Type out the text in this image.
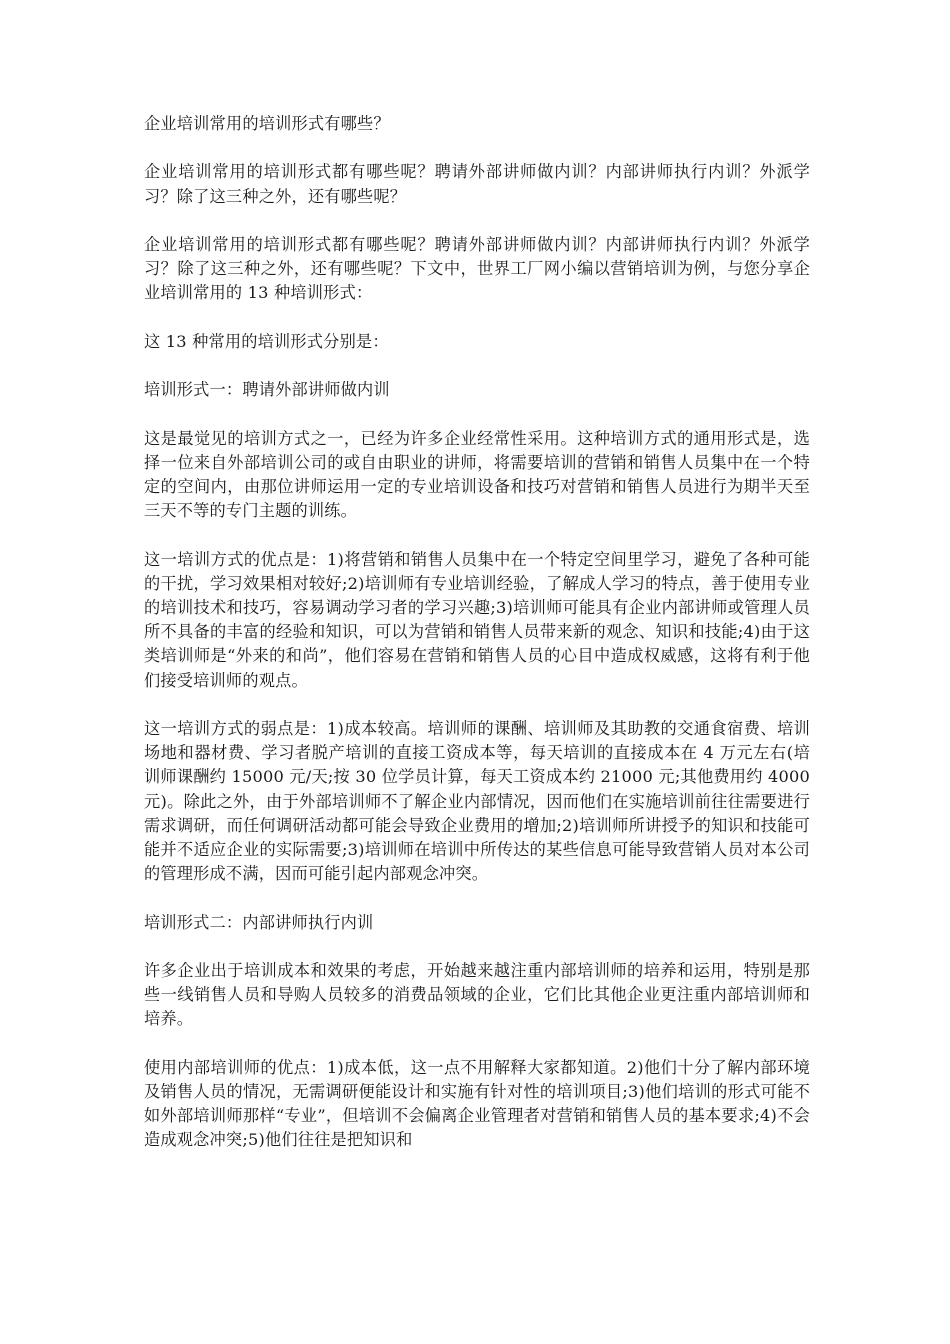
企业培训常用的培训形式有哪些？

企业培训常用的培训形式都有哪些呢？聘请外部讲师做内训？内部讲师执行内训？外派学习？除了这三种之外，还有哪些呢？

企业培训常用的培训形式都有哪些呢？聘请外部讲师做内训？内部讲师执行内训？外派学习？除了这三种之外，还有哪些呢？下文中，世界工厂网小编以营销培训为例，与您分享企业培训常用的 13 种培训形式：

这 13 种常用的培训形式分别是：

培训形式一：聘请外部讲师做内训

这是最觉见的培训方式之一，已经为许多企业经常性采用。这种培训方式的通用形式是，选择一位来自外部培训公司的或自由职业的讲师，将需要培训的营销和销售人员集中在一个特定的空间内，由那位讲师运用一定的专业培训设备和技巧对营销和销售人员进行为期半天至三天不等的专门主题的训练。

这一培训方式的优点是：1)将营销和销售人员集中在一个特定空间里学习，避免了各种可能的干扰，学习效果相对较好;2)培训师有专业培训经验，了解成人学习的特点，善于使用专业的培训技术和技巧，容易调动学习者的学习兴趣;3)培训师可能具有企业内部讲师或管理人员所不具备的丰富的经验和知识，可以为营销和销售人员带来新的观念、知识和技能;4)由于这类培训师是“外来的和尚”，他们容易在营销和销售人员的心目中造成权威感，这将有利于他们接受培训师的观点。

这一培训方式的弱点是：1)成本较高。培训师的课酬、培训师及其助教的交通食宿费、培训场地和器材费、学习者脱产培训的直接工资成本等，每天培训的直接成本在 4 万元左右(培训师课酬约 15000 元/天;按 30 位学员计算，每天工资成本约 21000 元;其他费用约 4000 元)。除此之外，由于外部培训师不了解企业内部情况，因而他们在实施培训前往往需要进行需求调研，而任何调研活动都可能会导致企业费用的增加;2)培训师所讲授予的知识和技能可能并不适应企业的实际需要;3)培训师在培训中所传达的某些信息可能导致营销人员对本公司的管理形成不满，因而可能引起内部观念冲突。

培训形式二：内部讲师执行内训

许多企业出于培训成本和效果的考虑，开始越来越注重内部培训师的培养和运用，特别是那些一线销售人员和导购人员较多的消费品领域的企业，它们比其他企业更注重内部培训师和培养。

使用内部培训师的优点：1)成本低，这一点不用解释大家都知道。2)他们十分了解内部环境及销售人员的情况，无需调研便能设计和实施有针对性的培训项目;3)他们培训的形式可能不如外部培训师那样“专业”，但培训不会偏离企业管理者对营销和销售人员的基本要求;4)不会造成观念冲突;5)他们往往是把知识和
